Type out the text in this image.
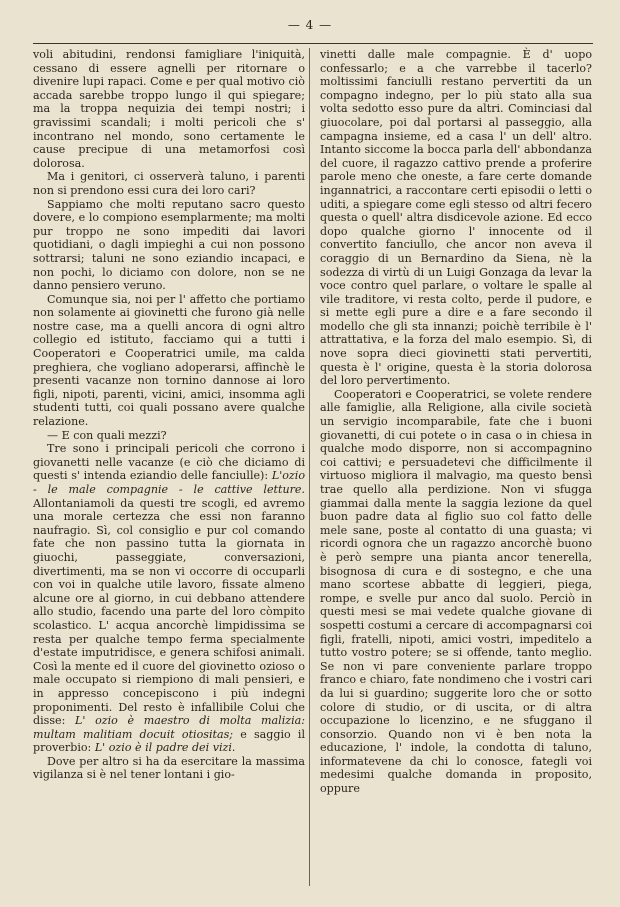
— 4 —

voli abitudini, rendonsi famigliare l'iniquità, cessano di essere agnelli per ritornare o divenire lupi rapaci. Come e per qual motivo ciò accada sarebbe troppo lungo il qui spiegare; ma la troppa nequizia dei tempi nostri; i gravissimi scandali; i molti pericoli che s' incontrano nel mondo, sono certamente le cause precipue di una metamorfosi così dolorosa.

Ma i genitori, ci osserverà taluno, i parenti non si prendono essi cura dei loro cari?

Sappiamo che molti reputano sacro questo dovere, e lo compiono esemplarmente; ma molti pur troppo ne sono impediti dai lavori quotidiani, o dagli impieghi a cui non possono sottrarsi; taluni ne sono eziandio incapaci, e non pochi, lo diciamo con dolore, non se ne danno pensiero veruno.

Comunque sia, noi per l' affetto che portiamo non solamente ai giovinetti che furono già nelle nostre case, ma a quelli ancora di ogni altro collegio ed istituto, facciamo qui a tutti i Cooperatori e Cooperatrici umile, ma calda preghiera, che vogliano adoperarsi, affinchè le presenti vacanze non tornino dannose ai loro figli, nipoti, parenti, vicini, amici, insomma agli studenti tutti, coi quali possano avere qualche relazione.

— E con quali mezzi?

Tre sono i principali pericoli che corrono i giovanetti nelle vacanze (e ciò che diciamo di questi s' intenda eziandio delle fanciulle): L'ozio - le male compagnie - le cattive letture. Allontaniamoli da questi tre scogli, ed avremo una morale certezza che essi non faranno naufragio. Sì, col consiglio e pur col comando fate che non passino tutta la giornata in giuochi, passeggiate, conversazioni, divertimenti, ma se non vi occorre di occuparli con voi in qualche utile lavoro, fissate almeno alcune ore al giorno, in cui debbano attendere allo studio, facendo una parte del loro còmpito scolastico. L' acqua ancorchè limpidissima se resta per qualche tempo ferma specialmente d'estate imputridisce, e genera schifosi animali. Così la mente ed il cuore del giovinetto ozioso o male occupato si riempiono di mali pensieri, e in appresso concepiscono i più indegni proponimenti. Del resto è infallibile Colui che disse: L' ozio è maestro di molta malizia: multam malitiam docuit otiositas; e saggio il proverbio: L' ozio è il padre dei vizi.

Dove per altro si ha da esercitare la massima vigilanza si è nel tener lontani i gio-

vinetti dalle male compagnie. È d' uopo confessarlo; e a che varrebbe il tacerlo? moltissimi fanciulli restano pervertiti da un compagno indegno, per lo più stato alla sua volta sedotto esso pure da altri. Cominciasi dal giuocolare, poi dal portarsi al passeggio, alla campagna insieme, ed a casa l' un dell' altro. Intanto siccome la bocca parla dell' abbondanza del cuore, il ragazzo cattivo prende a proferire parole meno che oneste, a fare certe domande ingannatrici, a raccontare certi episodii o letti o uditi, a spiegare come egli stesso od altri fecero questa o quell' altra disdicevole azione. Ed ecco dopo qualche giorno l' innocente od il convertito fanciullo, che ancor non aveva il coraggio di un Bernardino da Siena, nè la sodezza di virtù di un Luigi Gonzaga da levar la voce contro quel parlare, o voltare le spalle al vile traditore, vi resta colto, perde il pudore, e si mette egli pure a dire e a fare secondo il modello che gli sta innanzi; poichè terribile è l' attrattativa, e la forza del malo esempio. Sì, di nove sopra dieci giovinetti stati pervertiti, questa è l' origine, questa è la storia dolorosa del loro pervertimento.

Cooperatori e Cooperatrici, se volete rendere alle famiglie, alla Religione, alla civile società un servigio incomparabile, fate che i buoni giovanetti, di cui potete o in casa o in chiesa in qualche modo disporre, non si accompagnino coi cattivi; e persuadetevi che difficilmente il virtuoso migliora il malvagio, ma questo bensì trae quello alla perdizione. Non vi sfugga giammai dalla mente la saggia lezione da quel buon padre data al figlio suo col fatto delle mele sane, poste al contatto di una guasta; vi ricordi ognora che un ragazzo ancorchè buono è però sempre una pianta ancor tenerella, bisognosa di cura e di sostegno, e che una mano scortese abbatte di leggieri, piega, rompe, e svelle pur anco dal suolo. Perciò in questi mesi se mai vedete qualche giovane di sospetti costumi a cercare di accompagnarsi coi figli, fratelli, nipoti, amici vostri, impeditelo a tutto vostro potere; se si offende, tanto meglio. Se non vi pare conveniente parlare troppo franco e chiaro, fate nondimeno che i vostri cari da lui si guardino; suggerite loro che or sotto colore di studio, or di uscita, or di altra occupazione lo licenzino, e ne sfuggano il consorzio. Quando non vi è ben nota la educazione, l' indole, la condotta di taluno, informatevene da chi lo conosce, fategli voi medesimi qualche domanda in proposito, oppure
